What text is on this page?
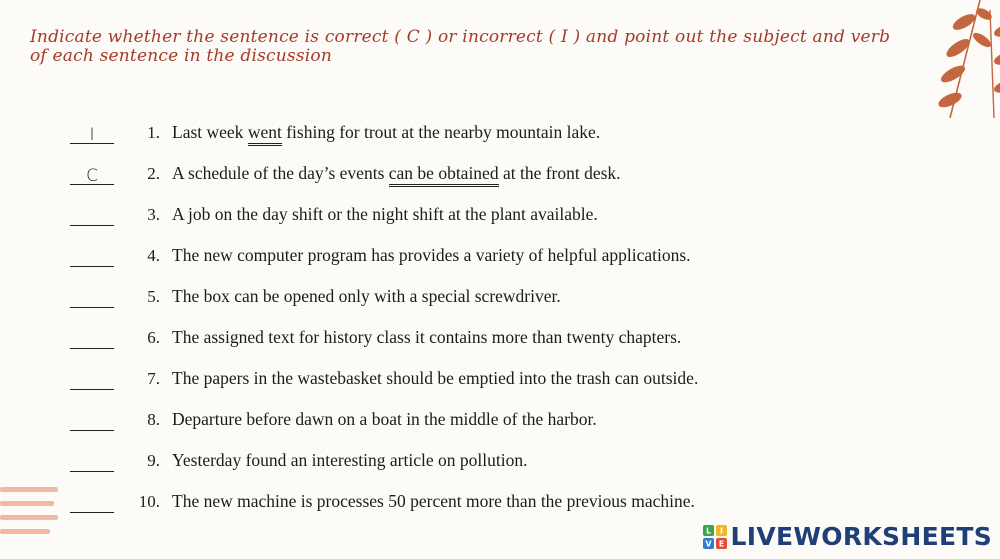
Indicate whether the sentence is correct ( C ) or incorrect ( I ) and point out the subject and verb of each sentence in the discussion

I	1. Last week went fishing for trout at the nearby mountain lake.
C	2. A schedule of the day’s events can be obtained at the front desk.
3. A job on the day shift or the night shift at the plant available.
4. The new computer program has provides a variety of helpful applications.
5. The box can be opened only with a special screwdriver.
6. The assigned text for history class it contains more than twenty chapters.
7. The papers in the wastebasket should be emptied into the trash can outside.
8. Departure before dawn on a boat in the middle of the harbor.
9. Yesterday found an interesting article on pollution.
10. The new machine is processes 50 percent more than the previous machine.
L I
V E LIVEWORKSHEETS
